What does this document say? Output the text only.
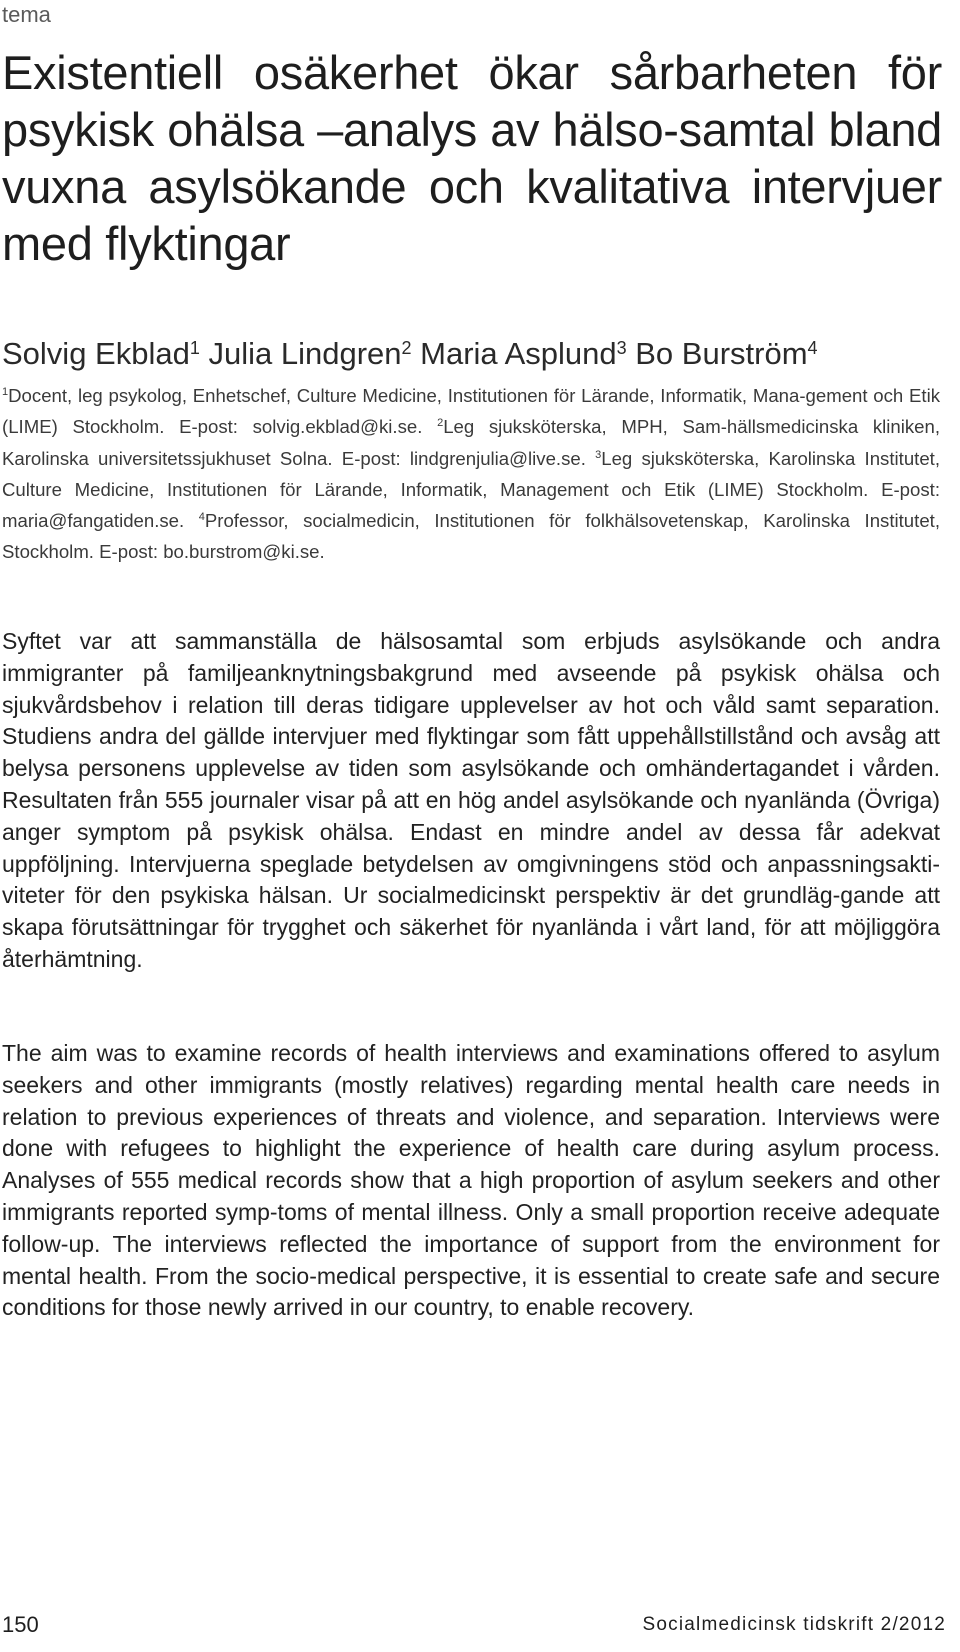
tema
Existentiell osäkerhet ökar sårbarheten för psykisk ohälsa –analys av hälso-samtal bland vuxna asylsökande och kvalitativa intervjuer med flyktingar
Solvig Ekblad$^1$ Julia Lindgren$^2$ Maria Asplund$^3$ Bo Burström$^4$
$^1$Docent, leg psykolog, Enhetschef, Culture Medicine, Institutionen för Lärande, Informatik, Mana-gement och Etik (LIME) Stockholm. E-post: solvig.ekblad@ki.se. $^2$Leg sjuksköterska, MPH, Sam-hällsmedicinska kliniken, Karolinska universitetssjukhuset Solna. E-post: lindgrenjulia@live.se. $^3$Leg sjuksköterska, Karolinska Institutet, Culture Medicine, Institutionen för Lärande, Informatik, Management och Etik (LIME) Stockholm. E-post: maria@fangatiden.se. $^4$Professor, socialmedicin, Institutionen för folkhälsovetenskap, Karolinska Institutet, Stockholm. E-post: bo.burstrom@ki.se.

Syftet var att sammanställa de hälsosamtal som erbjuds asylsökande och andra immigranter på familjeanknytningsbakgrund med avseende på psykisk ohälsa och sjukvårdsbehov i relation till deras tidigare upplevelser av hot och våld samt separation. Studiens andra del gällde intervjuer med flyktingar som fått uppehållstillstånd och avsåg att belysa personens upplevelse av tiden som asylsökande och omhändertagandet i vården. Resultaten från 555 journaler visar på att en hög andel asylsökande och nyanlända (Övriga) anger symptom på psykisk ohälsa. Endast en mindre andel av dessa får adekvat uppföljning. Intervjuerna speglade betydelsen av omgivningens stöd och anpassningsakti-viteter för den psykiska hälsan. Ur socialmedicinskt perspektiv är det grundläg-gande att skapa förutsättningar för trygghet och säkerhet för nyanlända i vårt land, för att möjliggöra återhämtning.

The aim was to examine records of health interviews and examinations offered to asylum seekers and other immigrants (mostly relatives) regarding mental health care needs in relation to previous experiences of threats and violence, and separation. Interviews were done with refugees to highlight the experience of health care during asylum process. Analyses of 555 medical records show that a high proportion of asylum seekers and other immigrants reported symp-toms of mental illness. Only a small proportion receive adequate follow-up. The interviews reflected the importance of support from the environment for mental health. From the socio-medical perspective, it is essential to create safe and secure conditions for those newly arrived in our country, to enable recovery.

150	Socialmedicinsk tidskrift 2/2012
